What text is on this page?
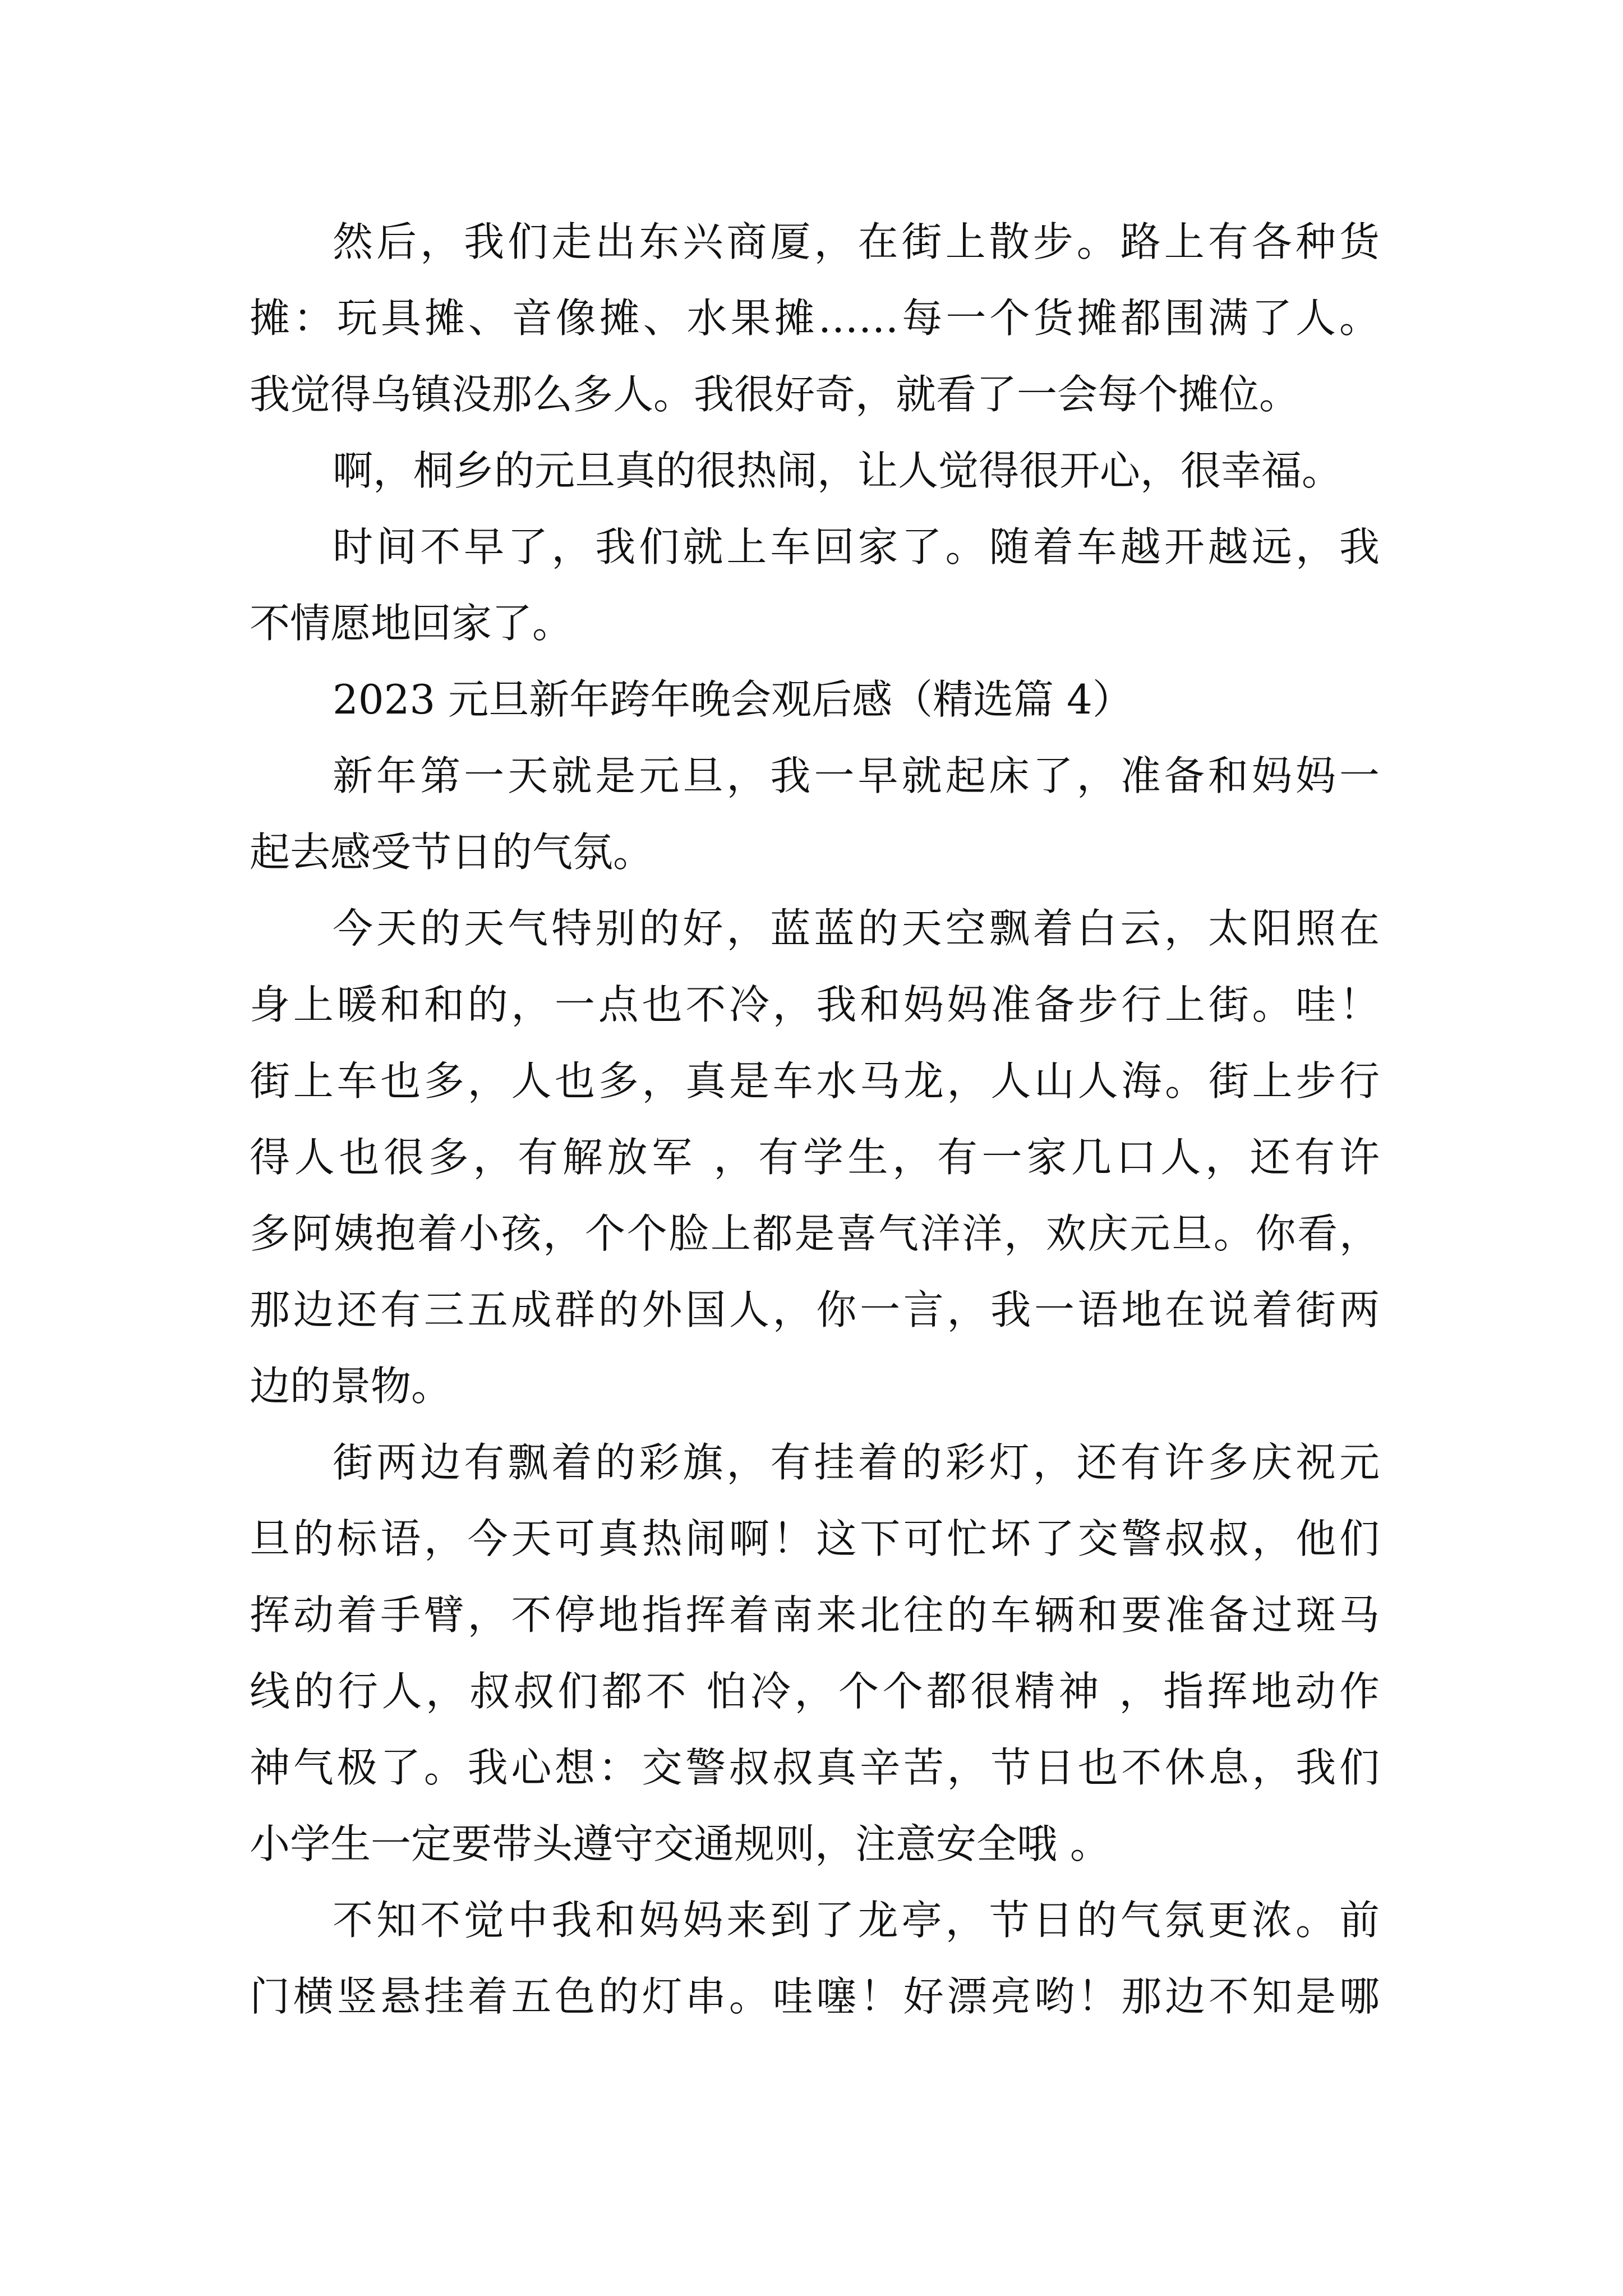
然后，我们走出东兴商厦，在街上散步。路上有各种货
摊：玩具摊、音像摊、水果摊……每一个货摊都围满了人。
我觉得乌镇没那么多人。我很好奇，就看了一会每个摊位。
啊，桐乡的元旦真的很热闹，让人觉得很开心，很幸福。
时间不早了，我们就上车回家了。随着车越开越远，我
不情愿地回家了。
2023 元旦新年跨年晚会观后感（精选篇 4）
新年第一天就是元旦，我一早就起床了，准备和妈妈一
起去感受节日的气氛。
今天的天气特别的好，蓝蓝的天空飘着白云，太阳照在
身上暖和和的，一点也不冷，我和妈妈准备步行上街。哇！
街上车也多，人也多，真是车水马龙，人山人海。街上步行
得人也很多，有解放军 ，有学生，有一家几口人，还有许
多阿姨抱着小孩，个个脸上都是喜气洋洋，欢庆元旦。你看，
那边还有三五成群的外国人，你一言，我一语地在说着街两
边的景物。
街两边有飘着的彩旗，有挂着的彩灯，还有许多庆祝元
旦的标语，今天可真热闹啊！这下可忙坏了交警叔叔，他们
挥动着手臂，不停地指挥着南来北往的车辆和要准备过斑马
线的行人，叔叔们都不 怕冷，个个都很精神 ，指挥地动作
神气极了。我心想：交警叔叔真辛苦，节日也不休息，我们
小学生一定要带头遵守交通规则，注意安全哦 。
不知不觉中我和妈妈来到了龙亭，节日的气氛更浓。前
门横竖悬挂着五色的灯串。哇噻！好漂亮哟！那边不知是哪
